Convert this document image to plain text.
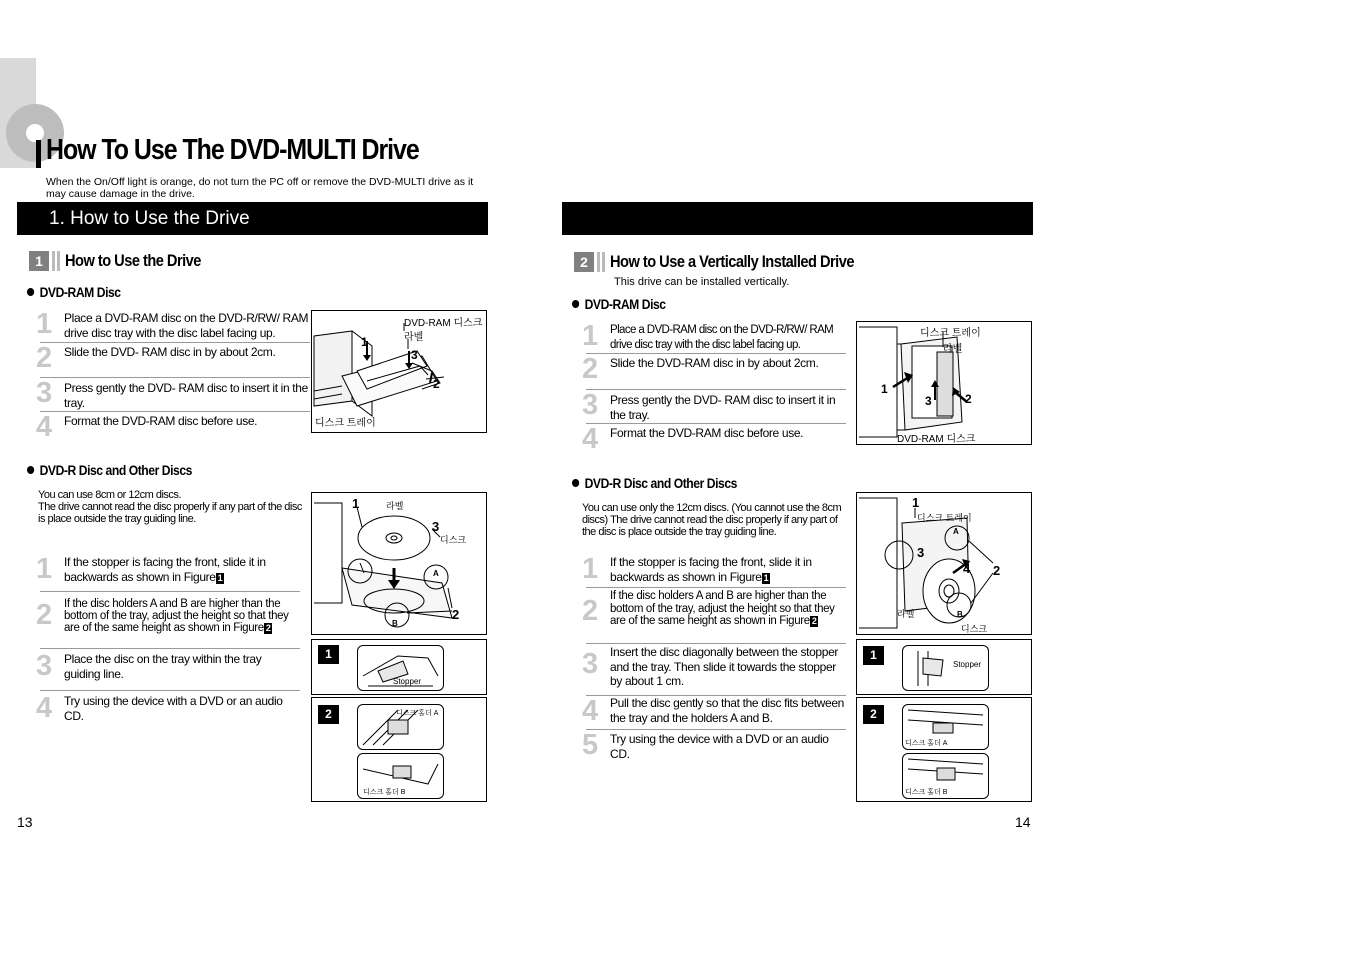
How To Use The DVD-MULTI Drive
When the On/Off light is orange, do not turn the PC off or remove the DVD-MULTI drive as it may cause damage in the drive.
1. How to Use the Drive
1	How to Use the Drive
DVD-RAM Disc
1 Place a DVD-RAM disc on the DVD-R/RW/ RAM drive disc tray with the disc label facing up.
2 Slide the DVD- RAM disc in by about 2cm.
3 Press gently the DVD- RAM disc to insert it in the tray.
4 Format the DVD-RAM disc before use.
DVD-RAM 디스크
라벨
1
3
2
디스크 트레이
DVD-R Disc and Other Discs
You can use 8cm or 12cm discs.
The drive cannot read the disc properly if any part of the disc is place outside the tray guiding line.
1 If the stopper is facing the front, slide it in backwards as shown in Figure 1
2	If the disc holders A and B are higher than the bottom of the tray, adjust the height so that they are of the same height as shown in Figure 2
3 Place the disc on the tray within the tray guiding line.
4 Try using the device with a DVD or an audio CD.
1	라벨
3
디스크
A
B
2
1
Stopper
2	디스크 홀더 A
디스크 홀더 B
13
2	How to Use a Vertically Installed Drive
This drive can be installed vertically.
DVD-RAM Disc
1	Place a DVD-RAM disc on the DVD-R/RW/ RAM drive disc tray with the disc label facing up.
2 Slide the DVD-RAM disc in by about 2cm.
3 Press gently the DVD- RAM disc to insert it in the tray.
4 Format the DVD-RAM disc before use.
디스크 트레이
라벨
1
3	2
DVD-RAM 디스크
DVD-R Disc and Other Discs
You can use only the 12cm discs. (You cannot use the 8cm discs) The drive cannot read the disc properly if any part of the disc is place outside the tray guiding line.
1 If the stopper is facing the front, slide it in backwards as shown in Figure 1
2	If the disc holders A and B are higher than the bottom of the tray, adjust the height so that they are of the same height as shown in Figure 2
3 Insert the disc diagonally between the stopper and the tray. Then slide it towards the stopper by about 1 cm.
4 Pull the disc gently so that the disc fits between the tray and the holders A and B.
5 Try using the device with a DVD or an audio CD.
1
디스크 트레이
A
3
4 2
라벨	B
디스크
1
Stopper
2
디스크 홀더 A
디스크 홀더 B
14
